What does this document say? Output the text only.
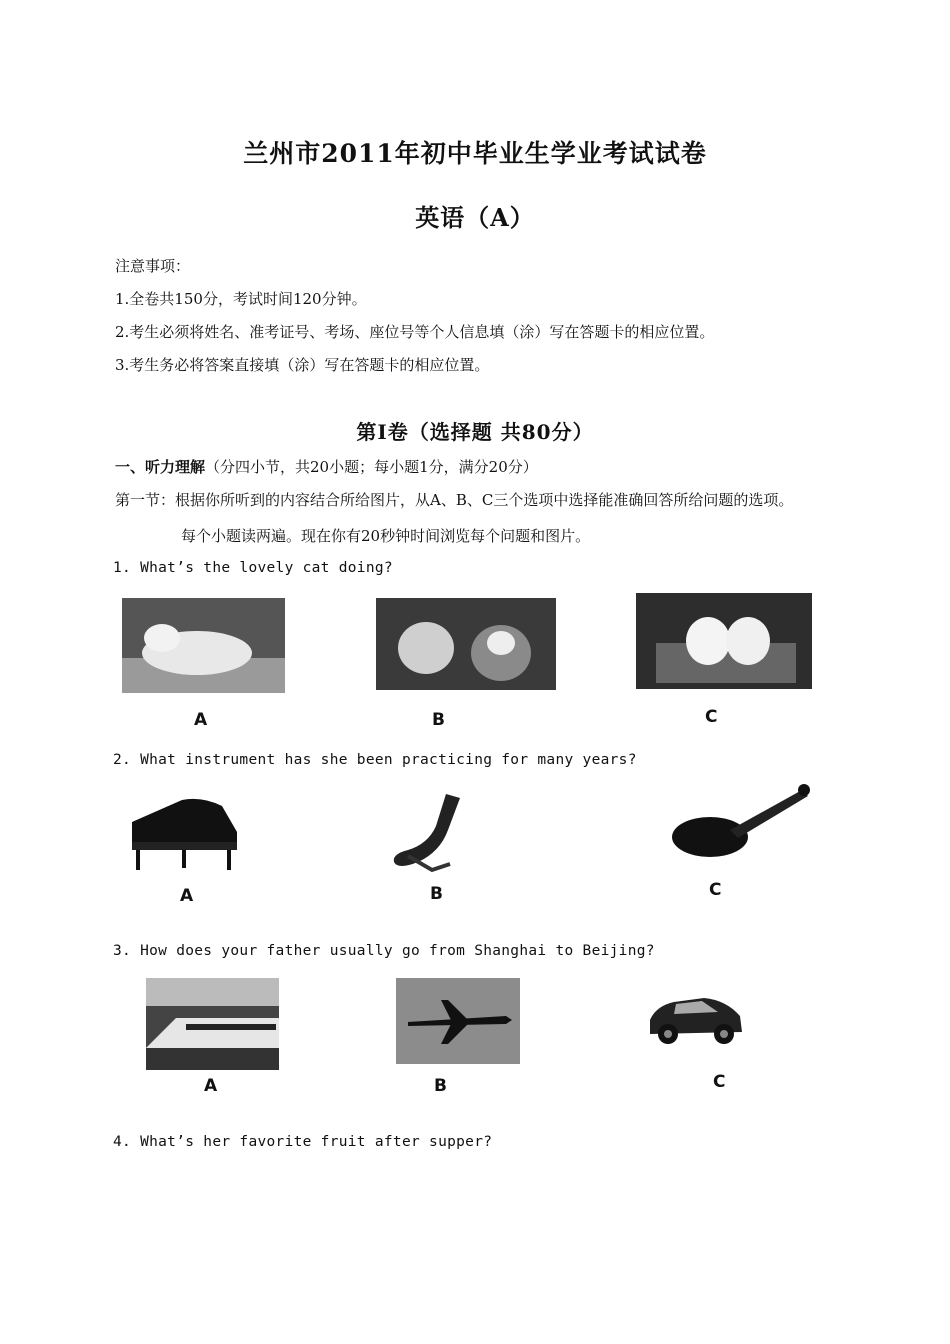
兰州市2011年初中毕业生学业考试试卷
英语（A）
注意事项：
1.全卷共150分，考试时间120分钟。
2.考生必须将姓名、准考证号、考场、座位号等个人信息填（涂）写在答题卡的相应位置。
3.考生务必将答案直接填（涂）写在答题卡的相应位置。
第Ⅰ卷（选择题 共80分）
一、听力理解（分四小节，共20小题；每小题1分，满分20分）
第一节：根据你所听到的内容结合所给图片，从A、B、C三个选项中选择能准确回答所给问题的选项。
每个小题读两遍。现在你有20秒钟时间浏览每个问题和图片。
1. What’s the lovely cat doing?
A	B	C
2. What instrument has she been practicing for many years?
A	B	C
3. How does your father usually go from Shanghai to Beijing?
A	B	C
4. What’s her favorite fruit after supper?
